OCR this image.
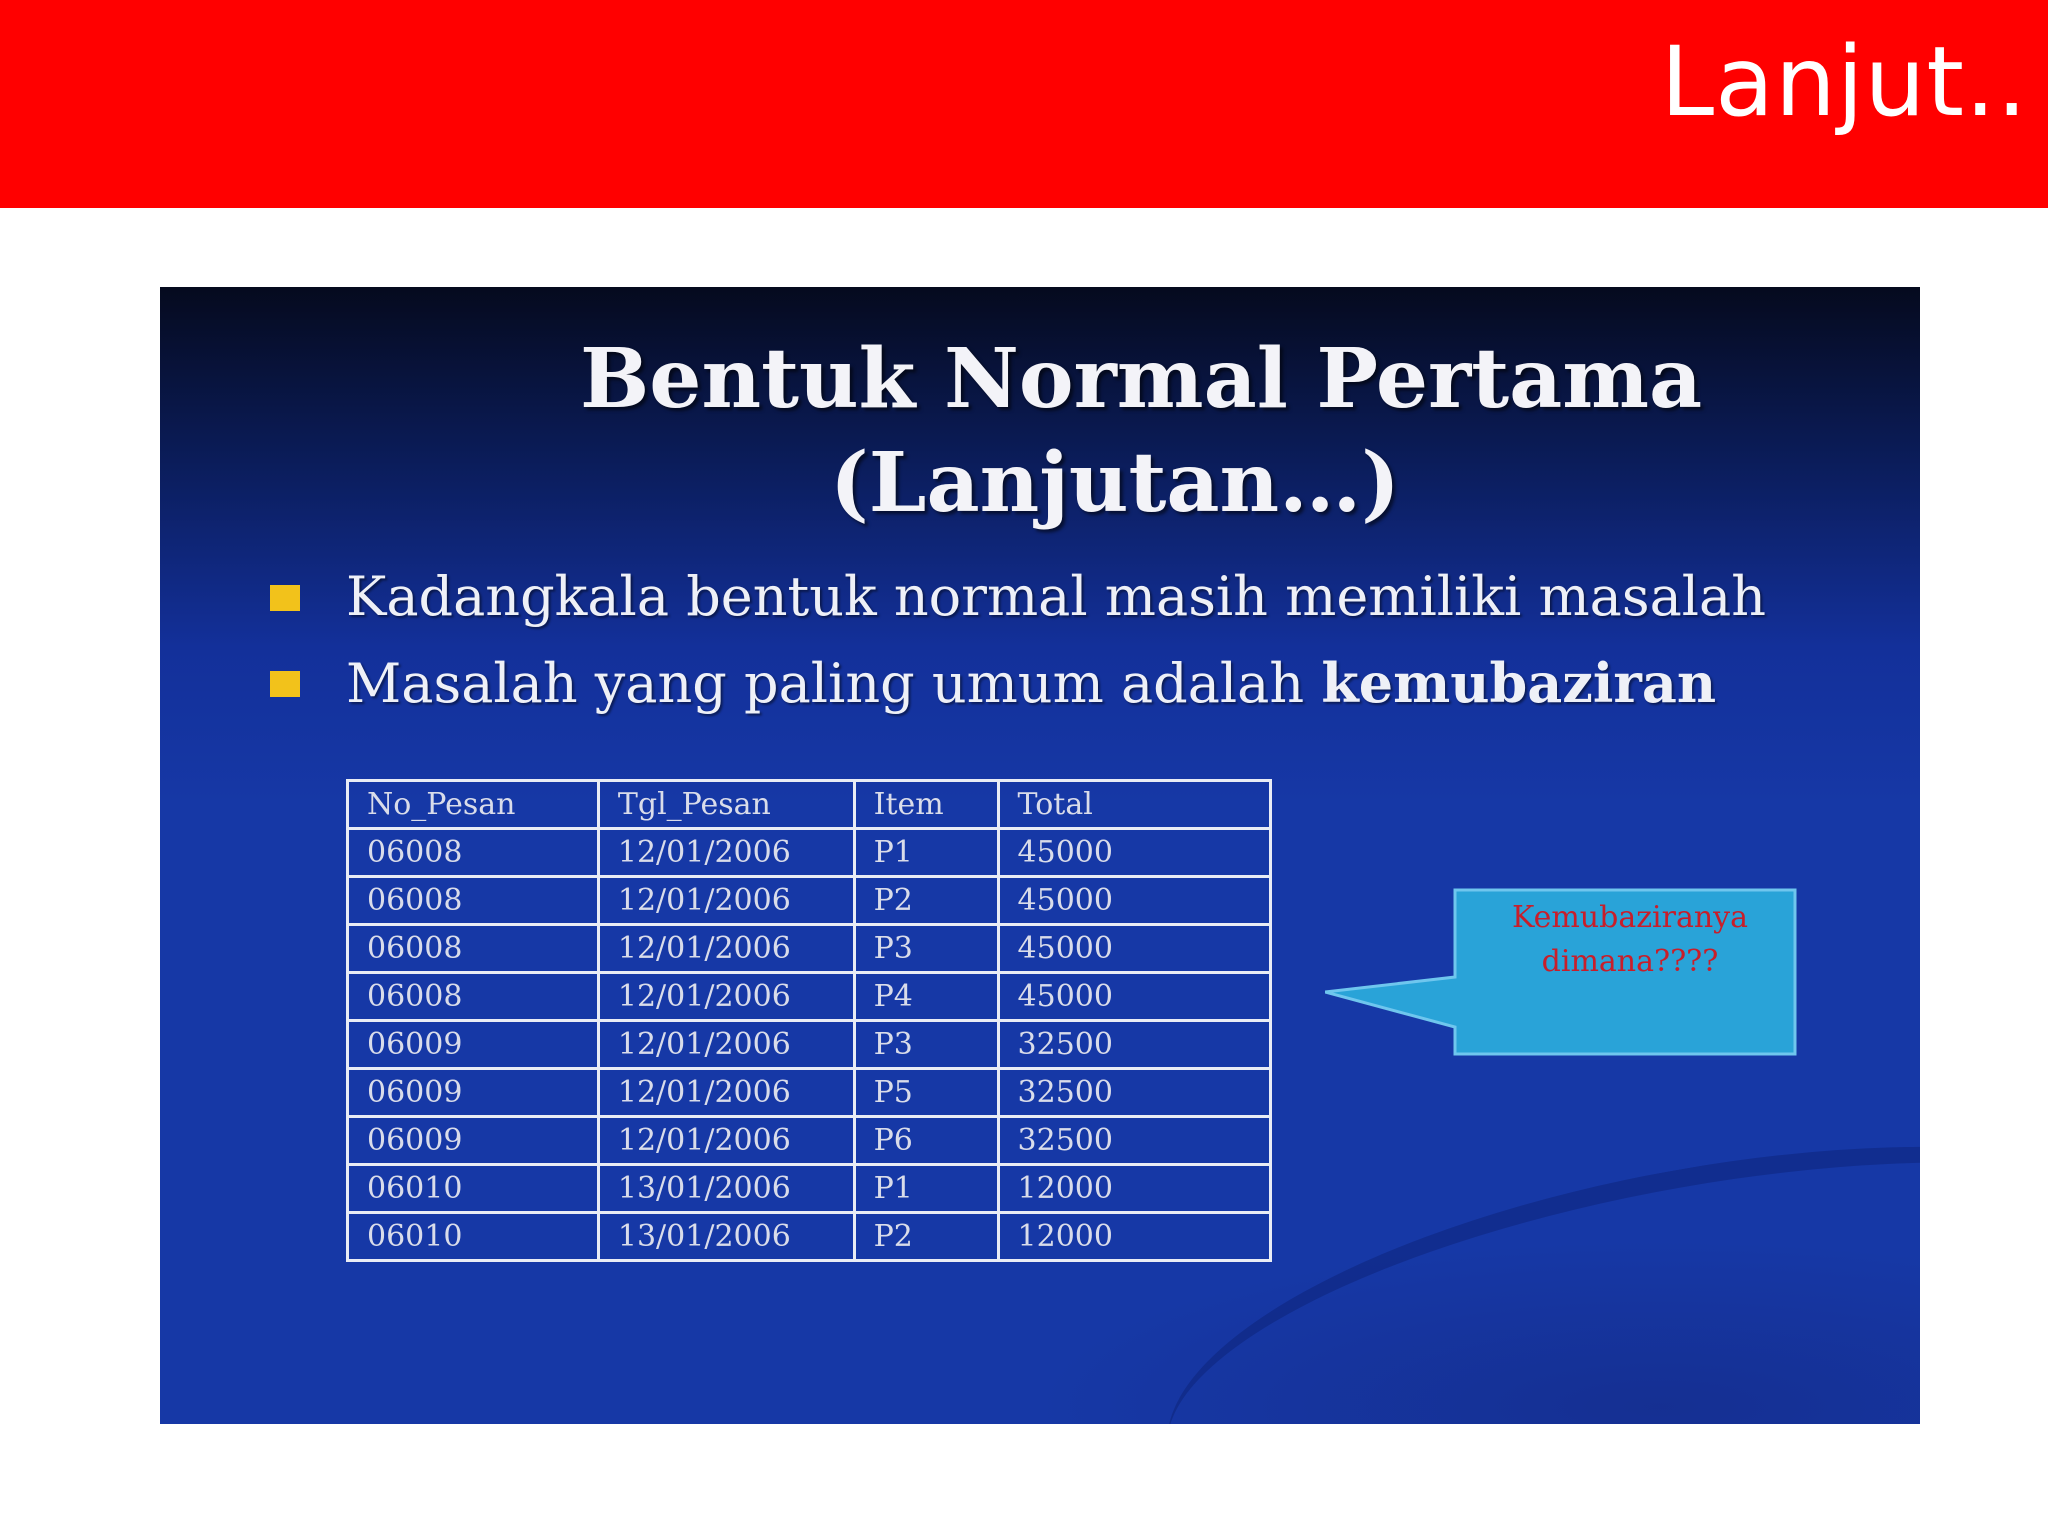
Lanjut..
Bentuk Normal Pertama
(Lanjutan…)
Kadangkala bentuk normal masih memiliki masalah
Masalah yang paling umum adalah kemubaziran
No_Pesan	Tgl_Pesan	Item	Total
06008	12/01/2006	P1	45000
06008	12/01/2006	P2	45000
06008	12/01/2006	P3	45000
06008	12/01/2006	P4	45000
06009	12/01/2006	P3	32500
06009	12/01/2006	P5	32500
06009	12/01/2006	P6	32500
06010	13/01/2006	P1	12000
06010	13/01/2006	P2	12000
Kemubaziranya
dimana????
